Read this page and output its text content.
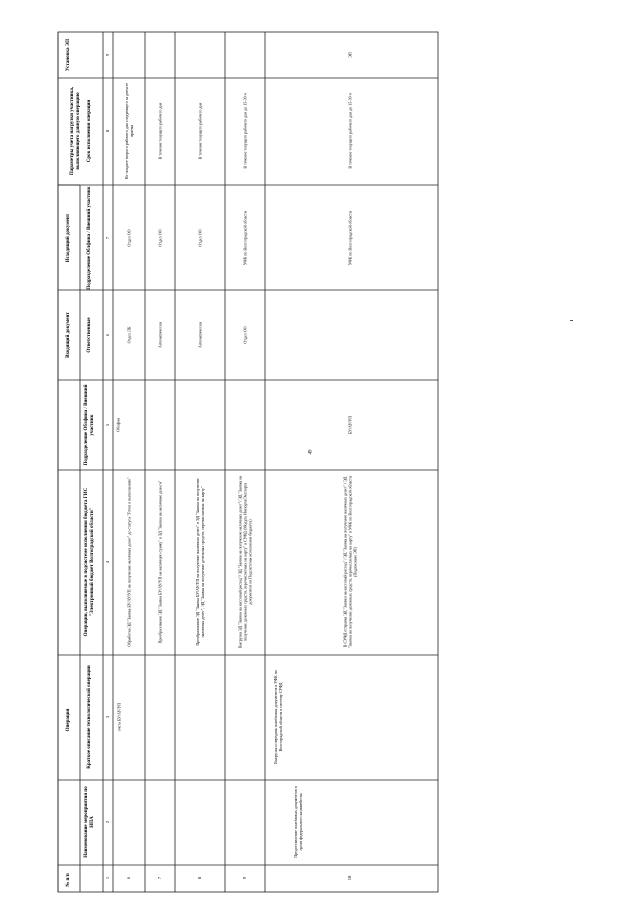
49
№ п/п
Операция
Входящий документ
Исходящий документ
Параметры учета нагрузки участника, выполняющего данную операцию
Установка ЭП
Наименование мероприятия по НПА
Краткое описание технологической операции
Операции, выполняемые в подсистеме исполнения бюджета ГИС "Электронный бюджет Волгоградской области"
Подразделение Облфина / Внешний участник
Ответственные
Подразделение Облфина / Внешний участник
Срок исполнения операции
1
2
3
4
5
6
7
8
9
6
счета БУ/АУ/УП
Обработка ЭД "Заявка БУ/АУ/УП на получение наличных денег" до статуса "Готов к выполнению"
Облфин
Отдел ЛК
Отдел ОО
Не позднее второго рабочего дня следующего за днем ее приема
7
Преобразование ЭД "Заявка БУ/АУ/УП на наличную сумму" в ЭД "Заявка на наличные деньги"
Автоматически
Отдел ОО
В течение текущего рабочего дня
8
Преобразование ЭД "Заявка БУ/АУ/УП на получение наличных денег" в ЭД "Заявка на получение наличных денег", ЭД "Заявка на получение денежных средств, перечисляемых на карту"
Автоматически
Отдел ОО
В течение текущего рабочего дня
9
Выгрузка ЭД "Заявка на кассовый расход"/ ЭД "Заявка на получение наличных денег"/ ЭД "Заявка на получение денежных средств, перечисляемых на карту" в СУФД (Модуль Импорта/Экспорта документов из Подсистемы исполнения бюджета)
Отдел ОО
УФК по Волгоградской области
В течение текущего рабочего дня до 15-30 ч
10
Предоставление платёжных документов в орган федерального казначейства
Выгрузка и передача платёжных документов в УФК по Волгоградской области в систему СУФД
В СУФД отправка ЭД "Заявки на кассовый расход" / ЭД "Заявка на получение наличных денег" / ЭД "Заявка на получение денежных средств, перечисляемых на карту" в УФК по Волгоградской области (Подписание ЭП)
БУ/АУ/УП
УФК по Волгоградской области
В течение текущего рабочего дня до 15-30 ч
ЭП
